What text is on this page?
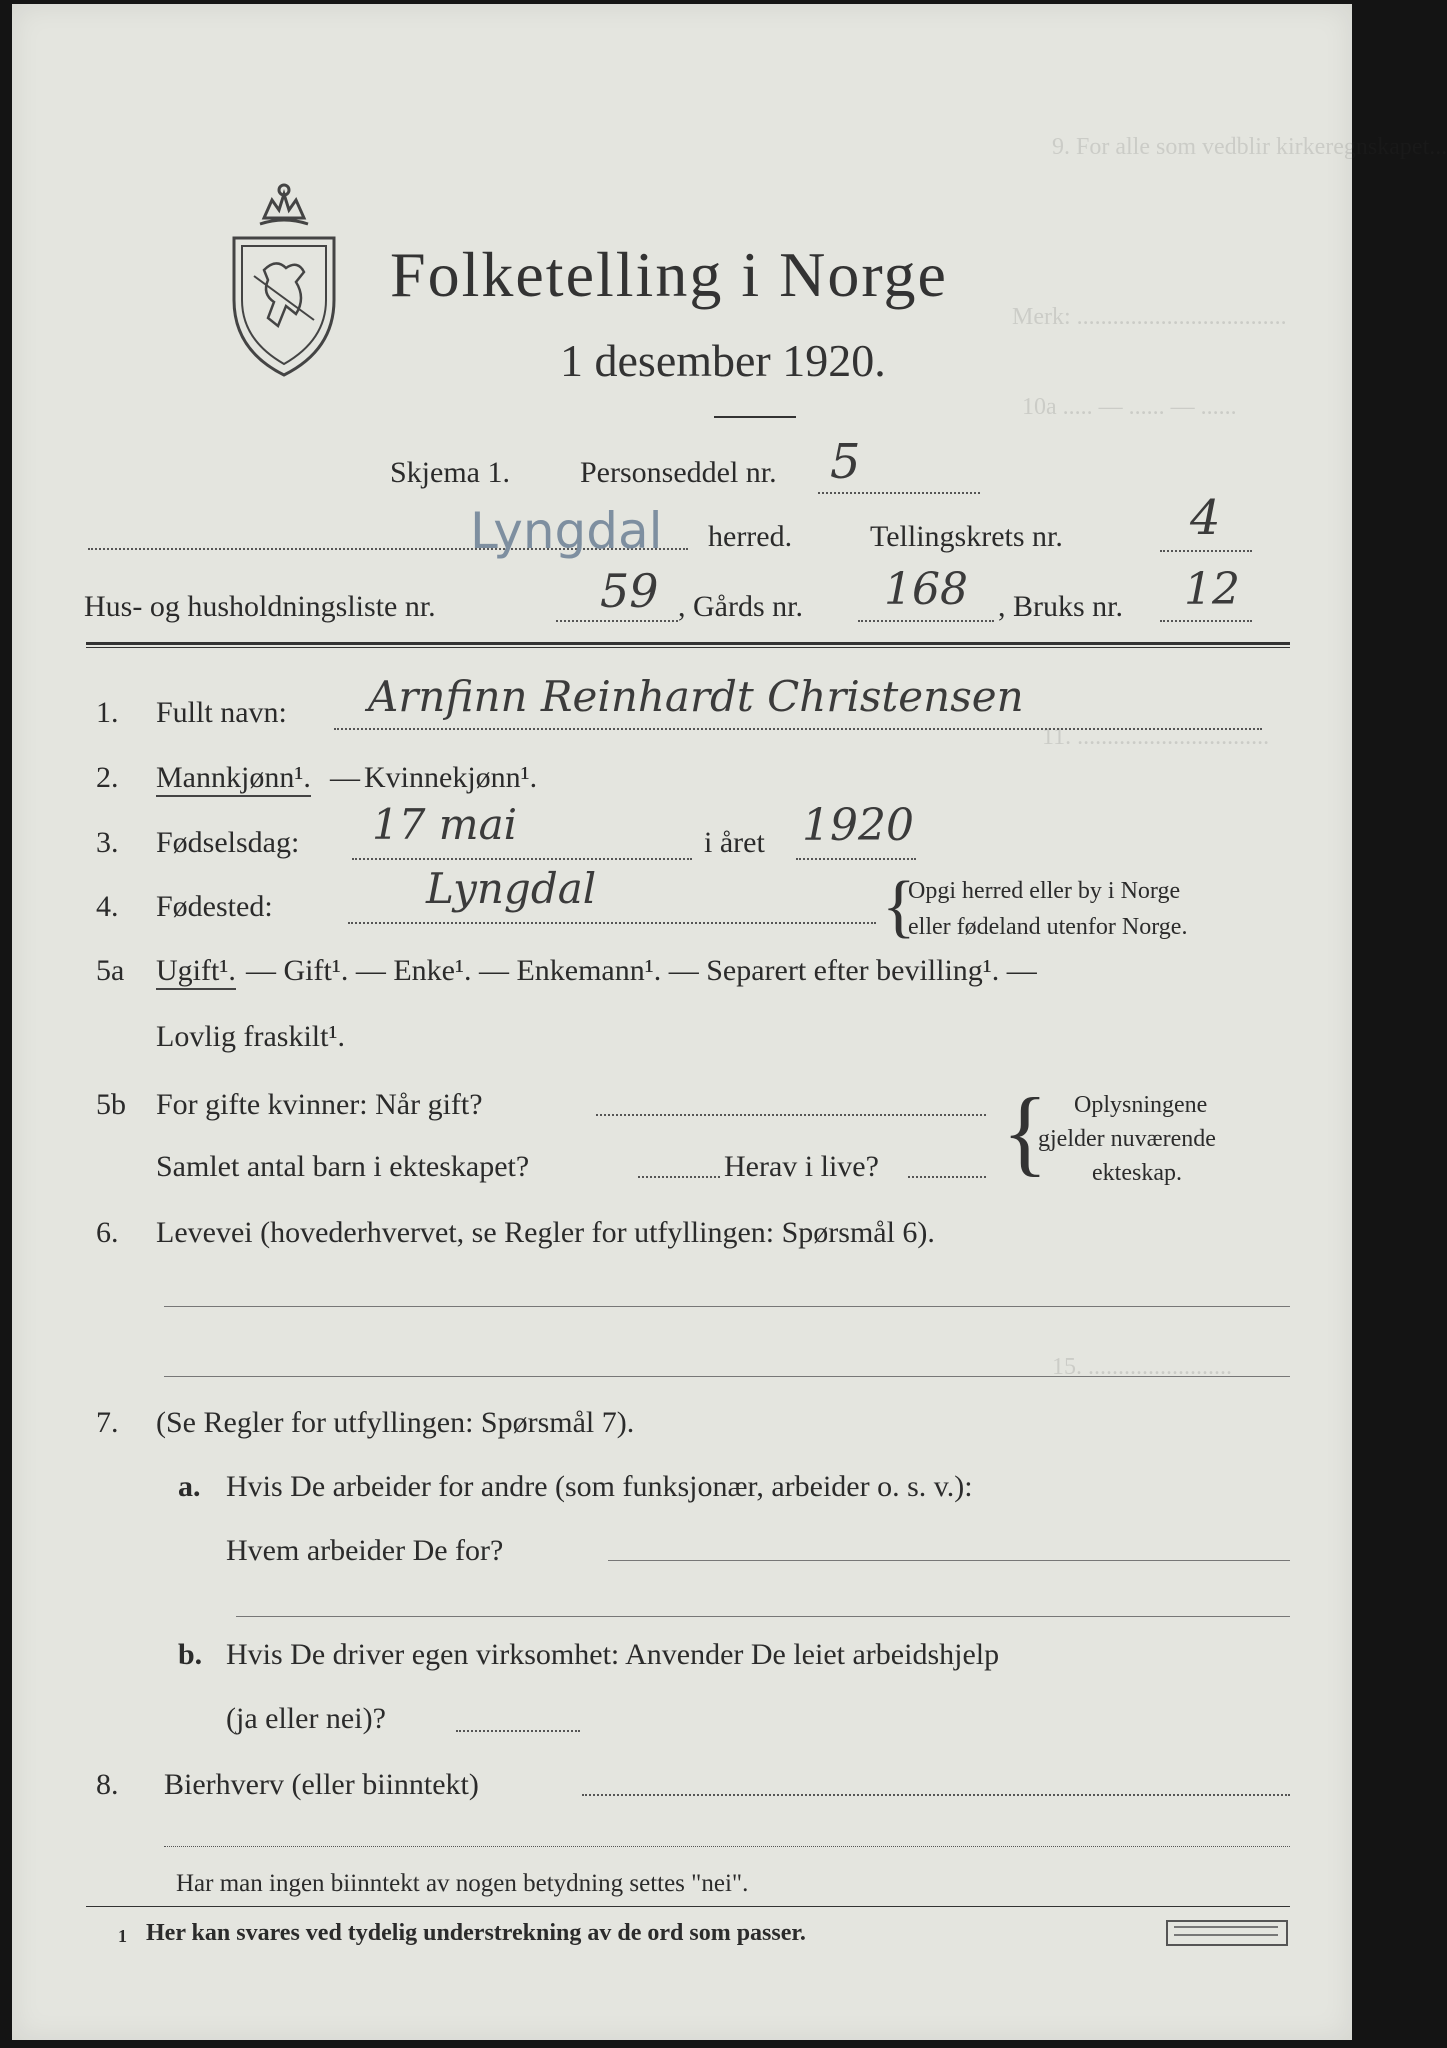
9. For alle som vedblir kirkeregnskapet...
Merk: ...................................
10a ..... — ...... — ......
11. ................................
15. ........................
Folketelling i Norge
1 desember 1920.
Skjema 1. Personseddel nr. 5
Lyngdal herred.	Tellingskrets nr.	4
Hus- og husholdningsliste nr.	59 , Gårds nr. 168 , Bruks nr. 12
1. Fullt navn: Arnfinn Reinhardt Christensen
2. Mannkjønn¹. — Kvinnekjønn¹.
3. Fødselsdag: 17 mai	i året 1920
4. Fødested:	Lyngdal	{
Opgi herred eller by i Norge
eller fødeland utenfor Norge.
5a Ugift¹. — Gift¹. — Enke¹. — Enkemann¹. — Separert efter bevilling¹. —
Lovlig fraskilt¹.
5b For gifte kvinner: Når gift?
Samlet antal barn i ekteskapet?	Herav i live? { Oplysningene
gjelder nuværende
ekteskap.
6. Levevei (hovederhvervet, se Regler for utfyllingen: Spørsmål 6).
7. (Se Regler for utfyllingen: Spørsmål 7).
a. Hvis De arbeider for andre (som funksjonær, arbeider o. s. v.):
Hvem arbeider De for?
b. Hvis De driver egen virksomhet: Anvender De leiet arbeidshjelp
(ja eller nei)?
8. Bierhverv (eller biinntekt)
Har man ingen biinntekt av nogen betydning settes "nei".
1 Her kan svares ved tydelig understrekning av de ord som passer.
